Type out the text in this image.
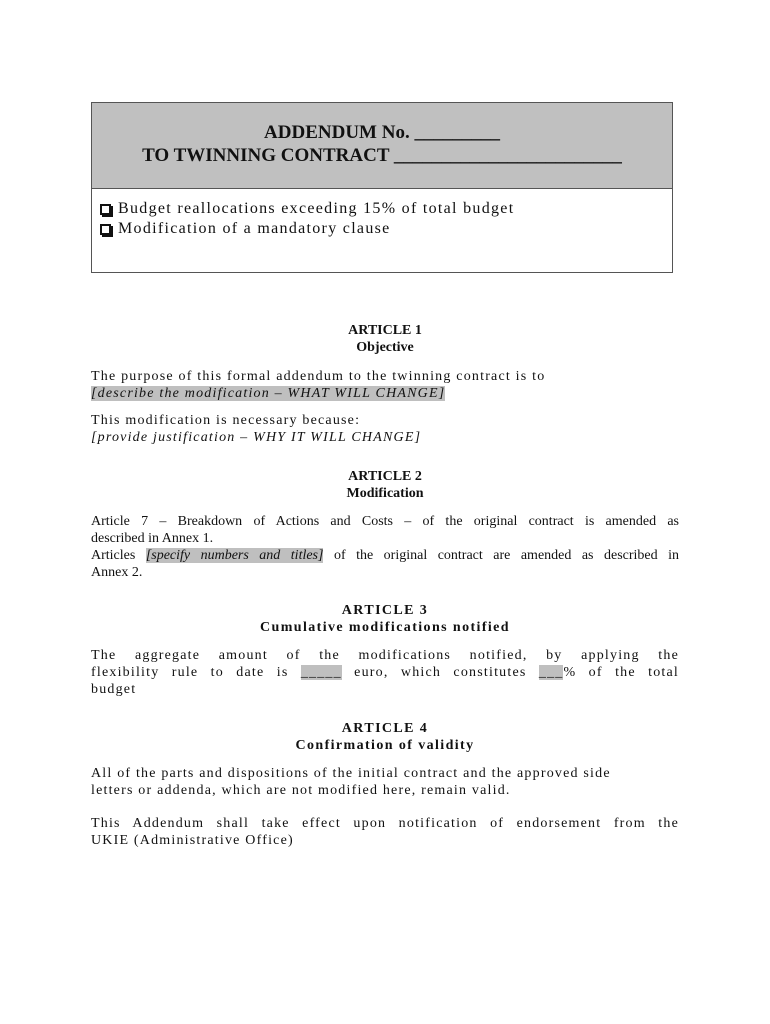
ADDENDUM No. _________
TO TWINNING CONTRACT ________________________
Budget reallocations exceeding 15% of total budget
Modification of a mandatory clause
ARTICLE 1
Objective
The purpose of this formal addendum to the twinning contract is to
[describe the modification – WHAT WILL CHANGE]
This modification is necessary because:
[provide justification – WHY IT WILL CHANGE]
ARTICLE 2
Modification
Article 7 – Breakdown of Actions and Costs – of the original contract is amended as
described in Annex 1.
Articles [specify numbers and titles] of the original contract are amended as described in
Annex 2.
ARTICLE 3
Cumulative modifications notified
The aggregate amount of the modifications notified, by applying the
flexibility rule to date is _____ euro, which constitutes ___% of the total
budget
ARTICLE 4
Confirmation of validity
All of the parts and dispositions of the initial contract and the approved side
letters or addenda, which are not modified here, remain valid.
This Addendum shall take effect upon notification of endorsement from the
UKIE (Administrative Office)
